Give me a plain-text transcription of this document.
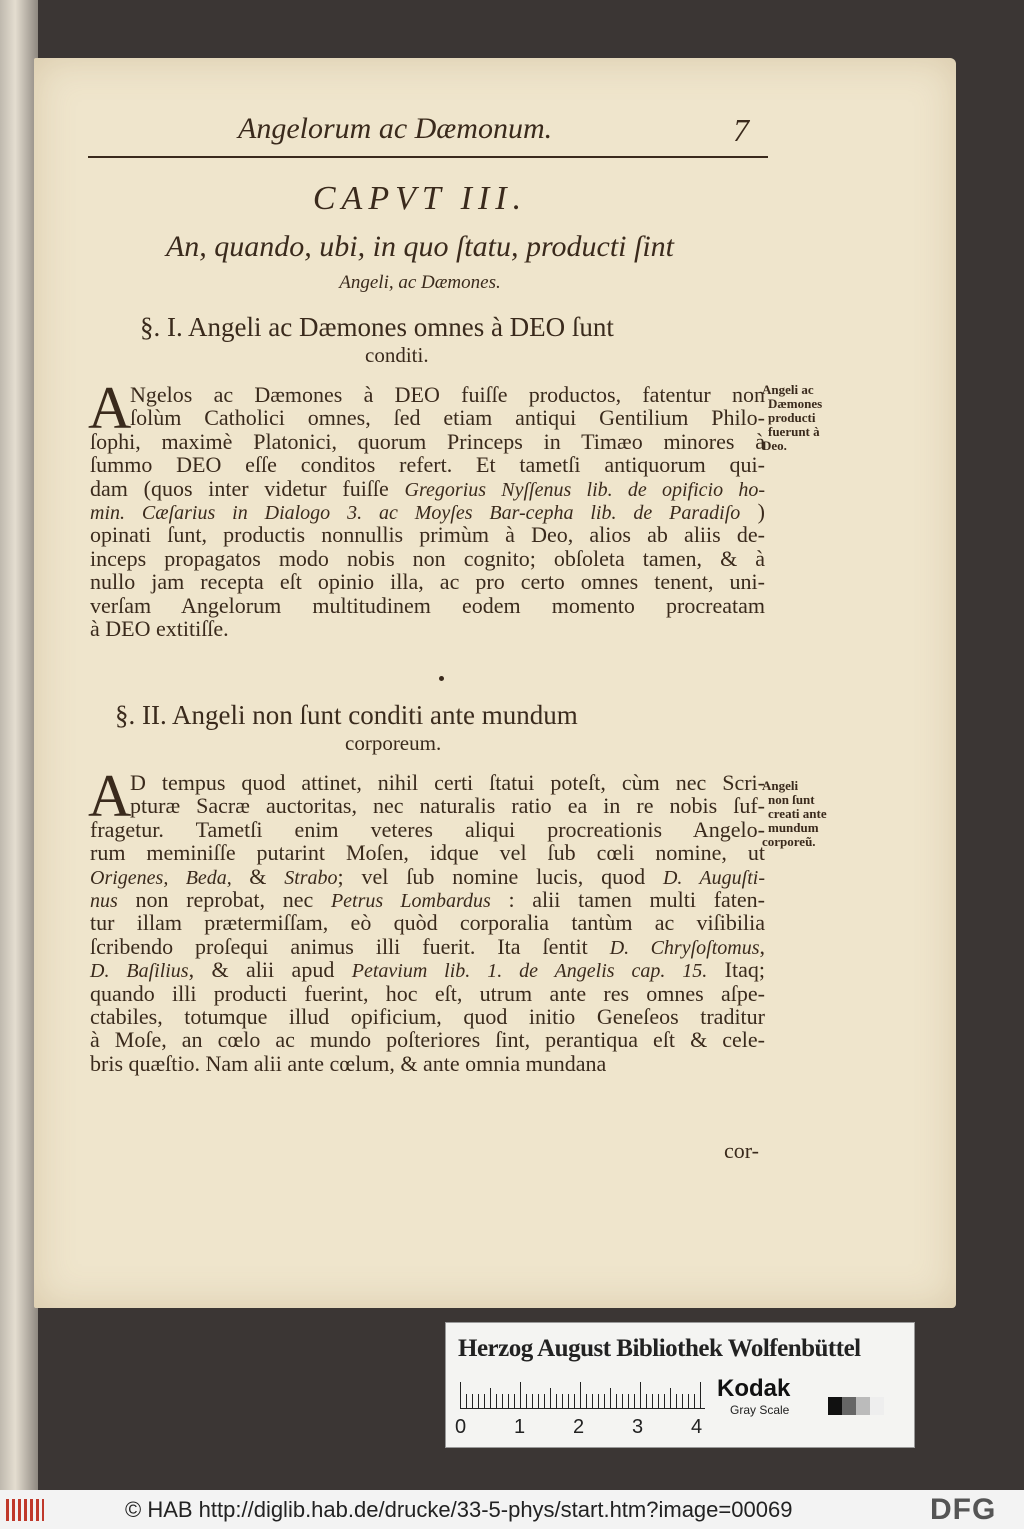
Angelorum ac Dæmonum.	7
CAPVT III.
An, quando, ubi, in quo ſtatu, producti ſint
Angeli, ac Dæmones.
§. I. Angeli ac Dæmones omnes à DEO ſunt
conditi.
A
Ngelos ac Dæmones à DEO fuiſſe productos, fatentur non
ſolùm Catholici omnes, ſed etiam antiqui Gentilium Philo-
ſophi, maximè Platonici, quorum Princeps in Timæo minores à
ſummo DEO eſſe conditos refert. Et tametſi antiquorum qui-
dam (quos inter videtur fuiſſe Gregorius Nyſſenus lib. de opificio ho-
min. Cæſarius in Dialogo 3. ac Moyſes Bar-cepha lib. de Paradiſo )
opinati ſunt, productis nonnullis primùm à Deo, alios ab aliis de-
inceps propagatos modo nobis non cognito; obſoleta tamen, & à
nullo jam recepta eſt opinio illa, ac pro certo omnes tenent, uni-
verſam Angelorum multitudinem eodem momento procreatam
à DEO extitiſſe.
Angeli ac
Dæmones
producti
fuerunt à
Deo.
§. II. Angeli non ſunt conditi ante mundum
corporeum.
A
D tempus quod attinet, nihil certi ſtatui poteſt, cùm nec Scri-
pturæ Sacræ auctoritas, nec naturalis ratio ea in re nobis ſuf-
fragetur. Tametſi enim veteres aliqui procreationis Angelo-
rum meminiſſe putarint Moſen, idque vel ſub cœli nomine, ut
Origenes, Beda, & Strabo; vel ſub nomine lucis, quod D. Auguſti-
nus non reprobat, nec Petrus Lombardus : alii tamen multi faten-
tur illam prætermiſſam, eò quòd corporalia tantùm ac viſibilia
ſcribendo proſequi animus illi fuerit. Ita ſentit D. Chryſoſtomus,
D. Baſilius, & alii apud Petavium lib. 1. de Angelis cap. 15. Itaq;
quando illi producti fuerint, hoc eſt, utrum ante res omnes aſpe-
ctabiles, totumque illud opificium, quod initio Geneſeos traditur
à Moſe, an cœlo ac mundo poſteriores ſint, perantiqua eſt & cele-
bris quæſtio. Nam alii ante cœlum, & ante omnia mundana
Angeli
non ſunt
creati ante
mundum
corporeũ.
cor-
Herzog August Bibliothek Wolfenbüttel
Kodak
Gray Scale
0 1 2 3 4
© HAB http://diglib.hab.de/drucke/33-5-phys/start.htm?image=00069	DFG
